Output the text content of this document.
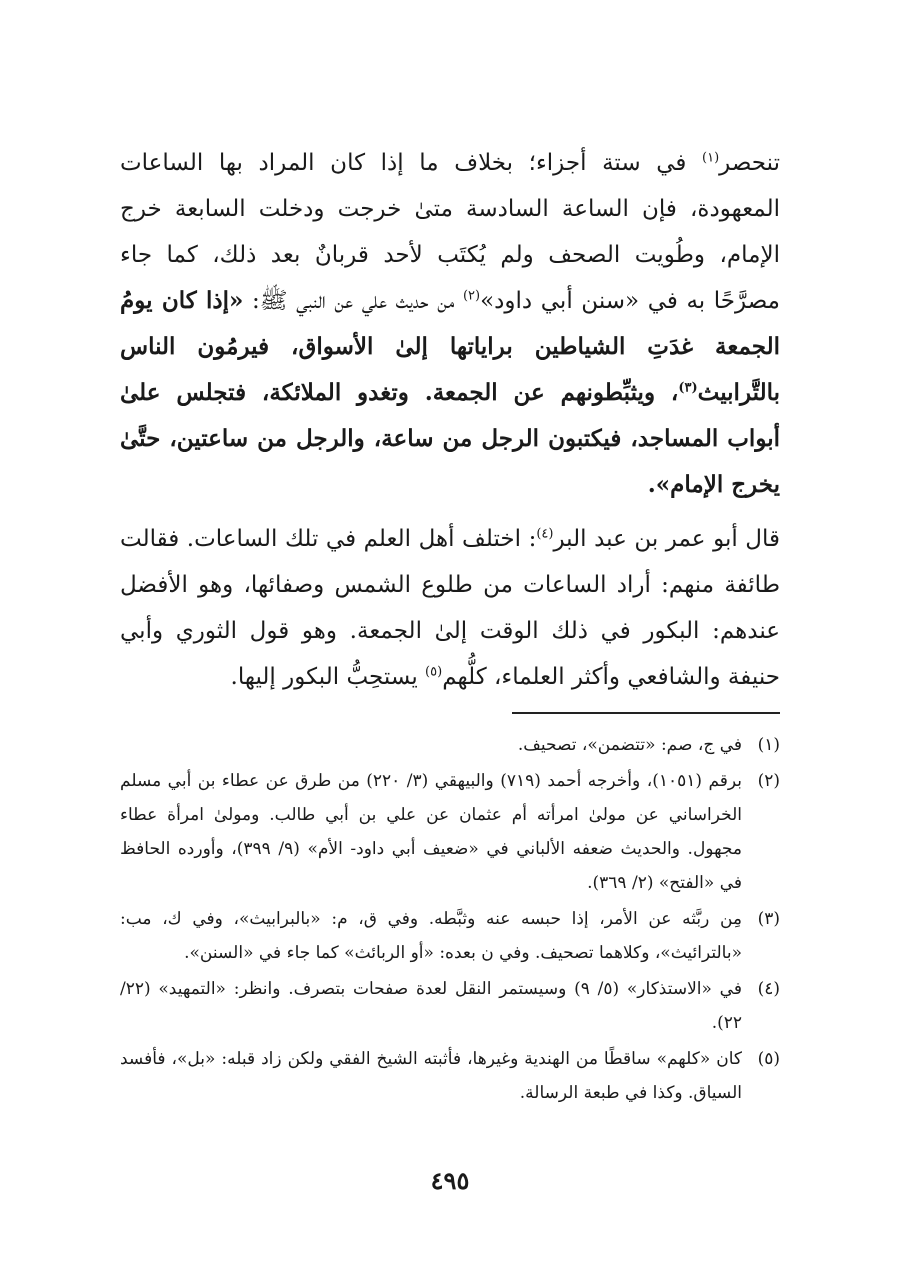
تنحصر$^{(١)}$ في ستة أجزاء؛ بخلاف ما إذا كان المراد بها الساعات المعهودة، فإن الساعة السادسة متىٰ خرجت ودخلت السابعة خرج الإمام، وطُويت الصحف ولم يُكتَب لأحد قربانٌ بعد ذلك، كما جاء مصرَّحًا به في «سنن أبي داود»$^{(٢)}$ من حديث علي عن النبي ﷺ: «إذا كان يومُ الجمعة غدَتِ الشياطين براياتها إلىٰ الأسواق، فيرمُون الناس بالتَّرابيث$^{(٣)}$، ويثبِّطونهم عن الجمعة. وتغدو الملائكة، فتجلس علىٰ أبواب المساجد، فيكتبون الرجل من ساعة، والرجل من ساعتين، حتَّىٰ يخرج الإمام».

قال أبو عمر بن عبد البر$^{(٤)}$: اختلف أهل العلم في تلك الساعات. فقالت طائفة منهم: أراد الساعات من طلوع الشمس وصفائها، وهو الأفضل عندهم: البكور في ذلك الوقت إلىٰ الجمعة. وهو قول الثوري وأبي حنيفة والشافعي وأكثر العلماء، كلُّهم$^{(٥)}$ يستحِبُّ البكور إليها.

(١)
في ج، صم: «تتضمن»، تصحيف.
(٢)
برقم (١٠٥١)، وأخرجه أحمد (٧١٩) والبيهقي (٣/ ٢٢٠) من طرق عن عطاء بن أبي مسلم الخراساني عن مولىٰ امرأته أم عثمان عن علي بن أبي طالب. ومولىٰ امرأة عطاء مجهول. والحديث ضعفه الألباني في «ضعيف أبي داود- الأم» (٩/ ٣٩٩)، وأورده الحافظ في «الفتح» (٢/ ٣٦٩).
(٣)
مِن ربَّثه عن الأمر، إذا حبسه عنه وثبَّطه. وفي ق، م: «بالبرابيث»، وفي ك، مب: «بالترائيث»، وكلاهما تصحيف. وفي ن بعده: «أو الربائث» كما جاء في «السنن».
(٤)
في «الاستذكار» (٥/ ٩) وسيستمر النقل لعدة صفحات بتصرف. وانظر: «التمهيد» (٢٢/ ٢٢).
(٥)
كان «كلهم» ساقطًا من الهندية وغيرها، فأثبته الشيخ الفقي ولكن زاد قبله: «بل»، فأفسد السياق. وكذا في طبعة الرسالة.
٤٩٥
